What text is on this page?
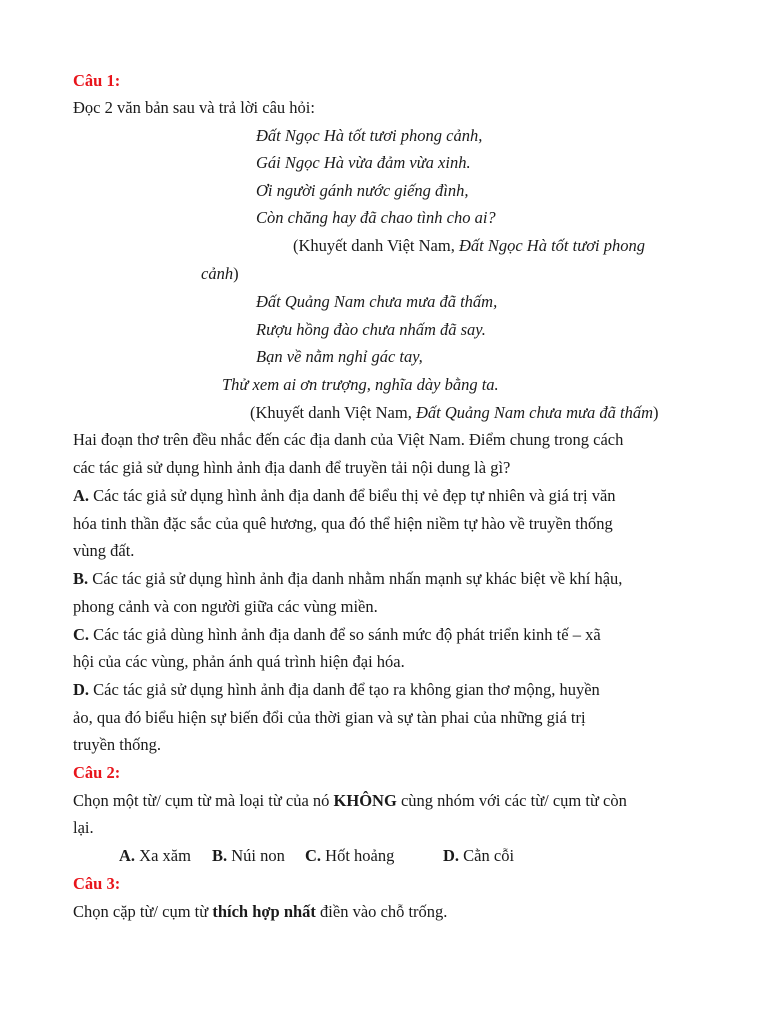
Câu 1:
Đọc 2 văn bản sau và trả lời câu hỏi:
Đất Ngọc Hà tốt tươi phong cảnh,
Gái Ngọc Hà vừa đảm vừa xinh.
Ơi người gánh nước giếng đình,
Còn chăng hay đã chao tình cho ai?
(Khuyết danh Việt Nam, Đất Ngọc Hà tốt tươi phong
cảnh)
Đất Quảng Nam chưa mưa đã thấm,
Rượu hồng đào chưa nhấm đã say.
Bạn về nằm nghỉ gác tay,
Thử xem ai ơn trượng, nghĩa dày bằng ta.
(Khuyết danh Việt Nam, Đất Quảng Nam chưa mưa đã thấm)
Hai đoạn thơ trên đều nhắc đến các địa danh của Việt Nam. Điểm chung trong cách
các tác giả sử dụng hình ảnh địa danh để truyền tải nội dung là gì?
A. Các tác giả sử dụng hình ảnh địa danh để biểu thị vẻ đẹp tự nhiên và giá trị văn
hóa tinh thần đặc sắc của quê hương, qua đó thể hiện niềm tự hào về truyền thống
vùng đất.
B. Các tác giả sử dụng hình ảnh địa danh nhằm nhấn mạnh sự khác biệt về khí hậu,
phong cảnh và con người giữa các vùng miền.
C. Các tác giả dùng hình ảnh địa danh để so sánh mức độ phát triển kinh tế – xã
hội của các vùng, phản ánh quá trình hiện đại hóa.
D. Các tác giả sử dụng hình ảnh địa danh để tạo ra không gian thơ mộng, huyền
ảo, qua đó biểu hiện sự biến đổi của thời gian và sự tàn phai của những giá trị
truyền thống.
Câu 2:
Chọn một từ/ cụm từ mà loại từ của nó KHÔNG cùng nhóm với các từ/ cụm từ còn
lại.
A. Xa xăm B. Núi non C. Hốt hoảng	D. Cằn cỗi
Câu 3:
Chọn cặp từ/ cụm từ thích hợp nhất điền vào chỗ trống.
